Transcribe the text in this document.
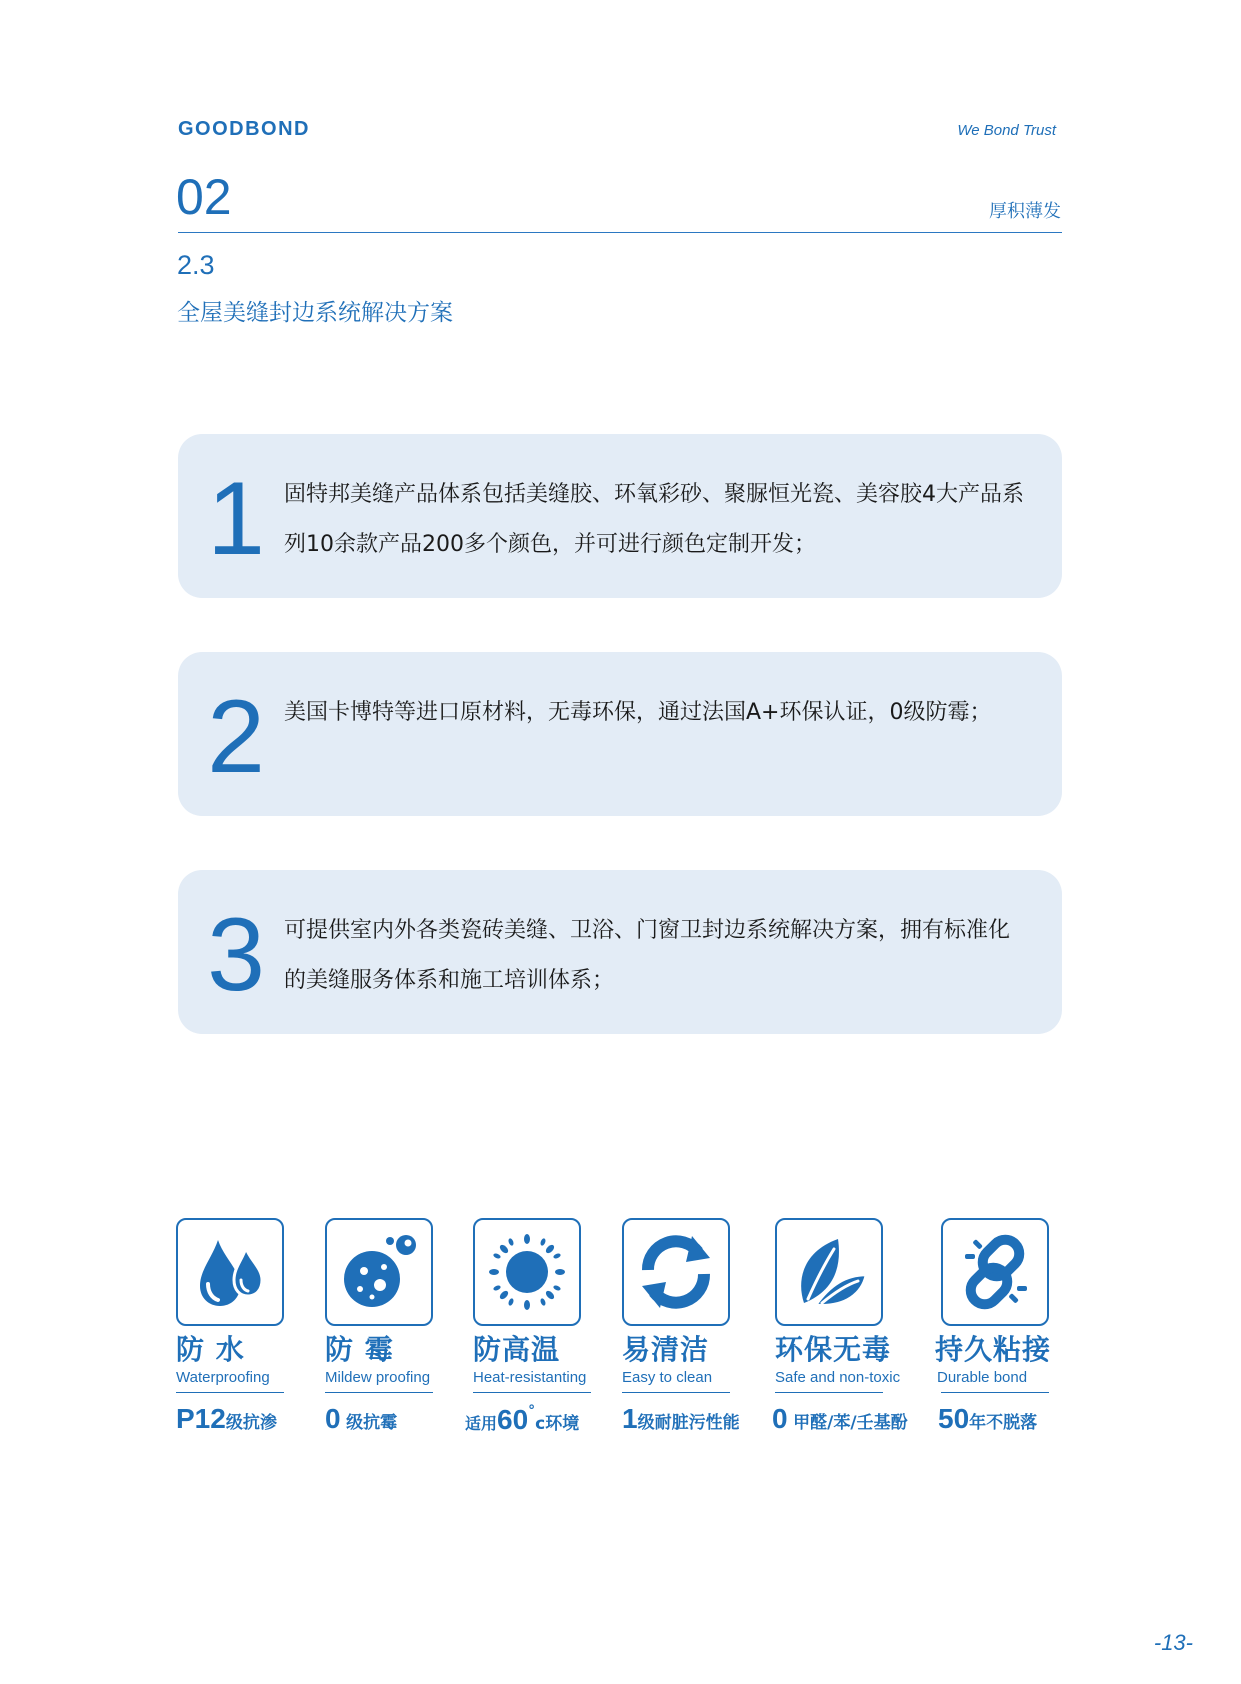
GOODBOND	We Bond Trust
02	厚积薄发
2.3
全屋美缝封边系统解决方案
1 固特邦美缝产品体系包括美缝胶、环氧彩砂、聚脲恒光瓷、美容胶4大产品系列10余款产品200多个颜色，并可进行颜色定制开发；
2 美国卡博特等进口原材料，无毒环保，通过法国A+环保认证，0级防霉；
3 可提供室内外各类瓷砖美缝、卫浴、门窗卫封边系统解决方案，拥有标准化的美缝服务体系和施工培训体系；
防 水
Waterproofing
P12级抗渗
防 霉
Mildew proofing
0 级抗霉
防高温
Heat-resistanting
适用60°c环境
易清洁
Easy to clean
1级耐脏污性能
环保无毒
Safe and non-toxic
0 甲醛/苯/壬基酚
持久粘接
Durable bond
50年不脱落
-13-
